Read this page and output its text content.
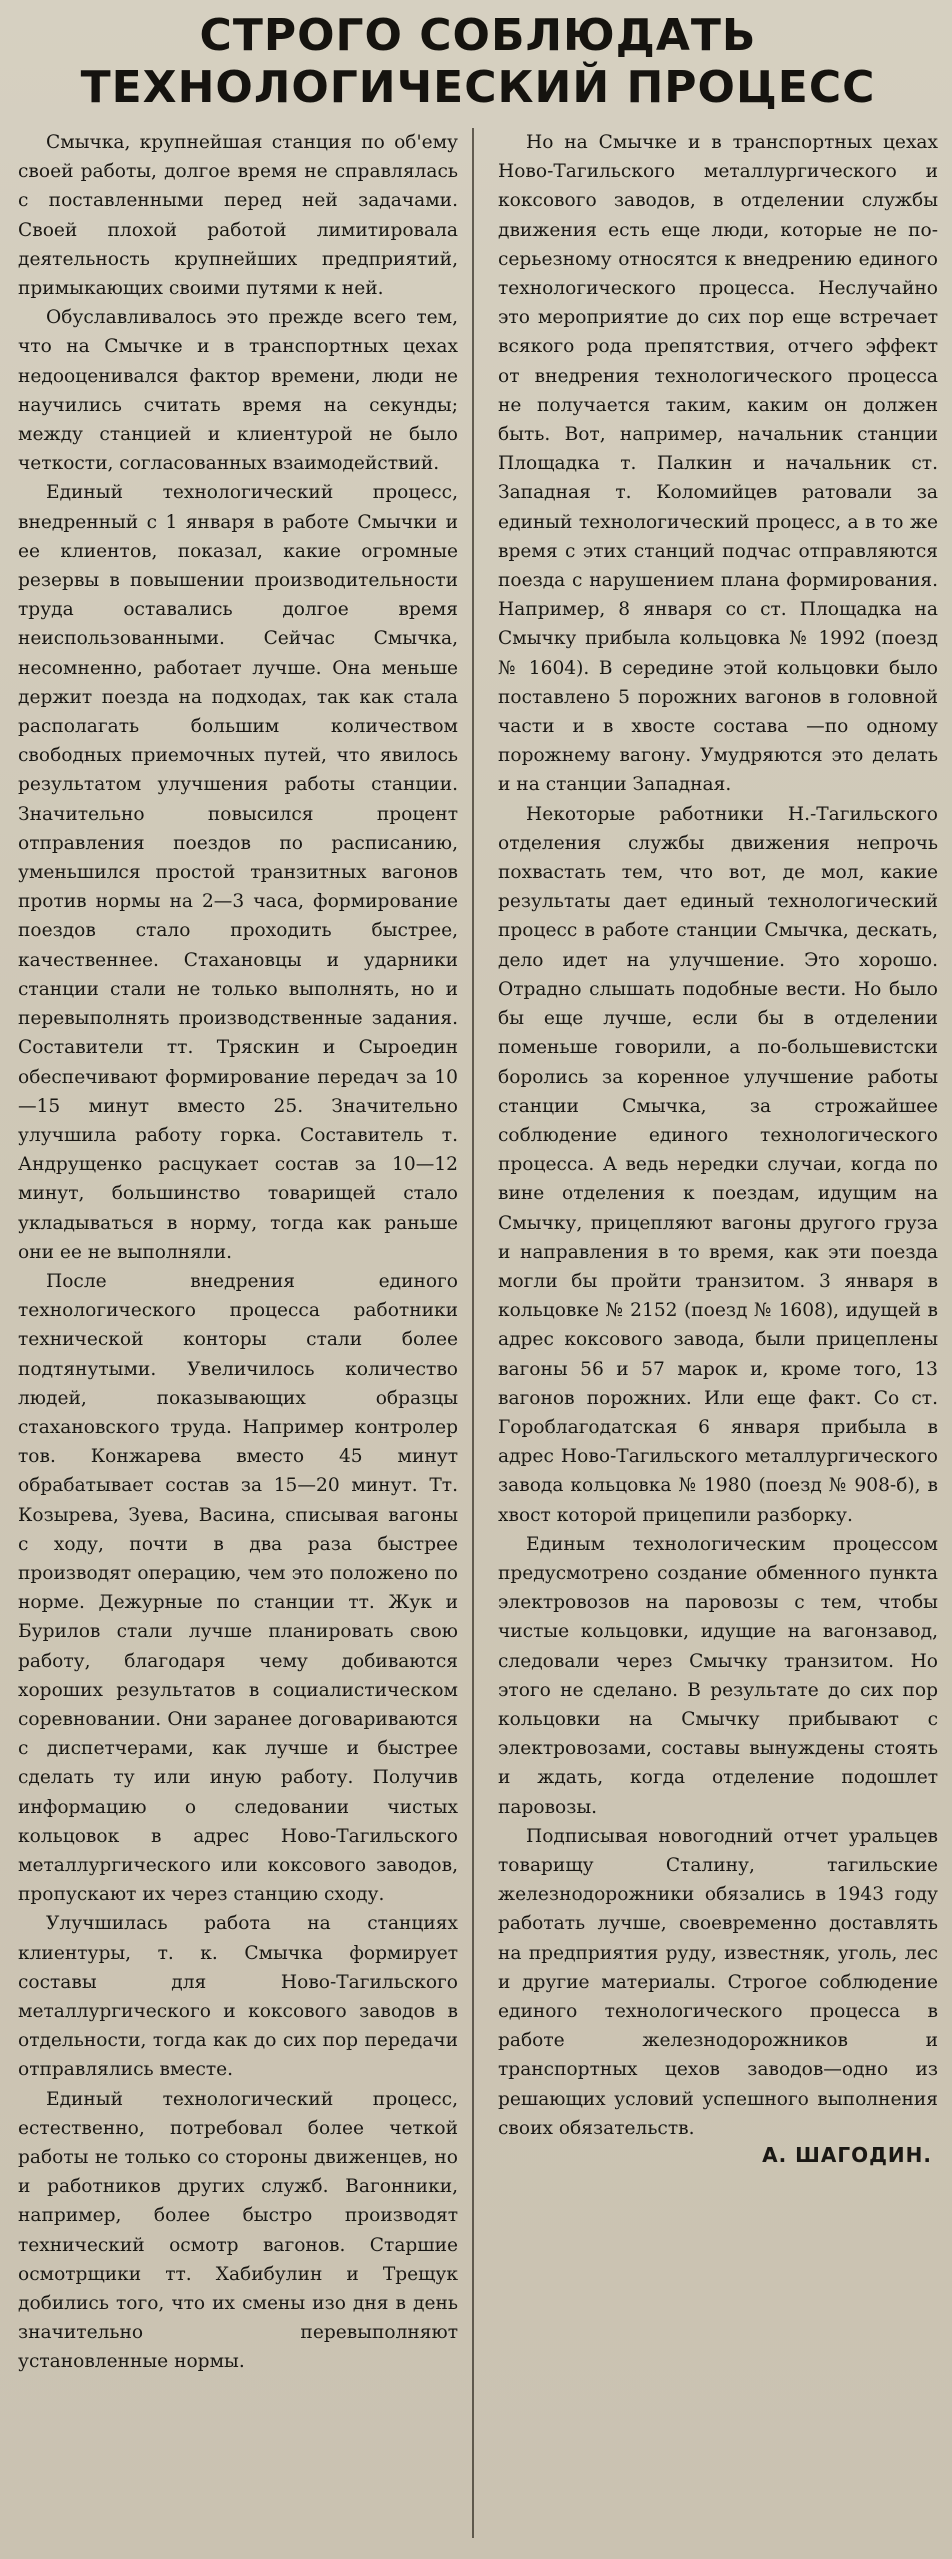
СТРОГО СОБЛЮДАТЬ
ТЕХНОЛОГИЧЕСКИЙ ПРОЦЕСС

Смычка, крупнейшая станция по об'ему своей работы, долгое время не справлялась с поставленными перед ней задачами. Своей плохой работой лимитировала деятельность крупнейших предприятий, примыкающих своими путями к ней.

Обуславливалось это прежде всего тем, что на Смычке и в транспортных цехах недооценивался фактор времени, люди не научились считать время на секунды; между станцией и клиентурой не было четкости, согласованных взаимодействий.

Единый технологический процесс, внедренный с 1 января в работе Смычки и ее клиентов, показал, какие огромные резервы в повышении производительности труда оставались долгое время неиспользованными. Сейчас Смычка, несомненно, работает лучше. Она меньше держит поезда на подходах, так как стала располагать большим количеством свободных приемочных путей, что явилось результатом улучшения работы станции. Значительно повысился процент отправления поездов по расписанию, уменьшился простой транзитных вагонов против нормы на 2—3 часа, формирование поездов стало проходить быстрее, качественнее. Стахановцы и ударники станции стали не только выполнять, но и перевыполнять производственные задания. Составители тт. Тряскин и Сыроедин обеспечивают формирование передач за 10—15 минут вместо 25. Значительно улучшила работу горка. Составитель т. Андрущенко расцукает состав за 10—12 минут, большинство товарищей стало укладываться в норму, тогда как раньше они ее не выполняли.

После внедрения единого технологического процесса работники технической конторы стали более подтянутыми. Увеличилось количество людей, показывающих образцы стахановского труда. Например контролер тов. Конжарева вместо 45 минут обрабатывает состав за 15—20 минут. Тт. Козырева, Зуева, Васина, списывая вагоны с ходу, почти в два раза быстрее производят операцию, чем это положено по норме. Дежурные по станции тт. Жук и Бурилов стали лучше планировать свою работу, благодаря чему добиваются хороших результатов в социалистическом соревновании. Они заранее договариваются с диспетчерами, как лучше и быстрее сделать ту или иную работу. Получив информацию о следовании чистых кольцовок в адрес Ново-Тагильского металлургического или коксового заводов, пропускают их через станцию сходу.

Улучшилась работа на станциях клиентуры, т. к. Смычка формирует составы для Ново-Тагильского металлургического и коксового заводов в отдельности, тогда как до сих пор передачи отправлялись вместе.

Единый технологический процесс, естественно, потребовал более четкой работы не только со стороны движенцев, но и работников других служб. Вагонники, например, более быстро производят технический осмотр вагонов. Старшие осмотрщики тт. Хабибулин и Трещук добились того, что их смены изо дня в день значительно перевыполняют установленные нормы.

Но на Смычке и в транспортных цехах Ново-Тагильского металлургического и коксового заводов, в отделении службы движения есть еще люди, которые не по-серьезному относятся к внедрению единого технологического процесса. Неслучайно это мероприятие до сих пор еще встречает всякого рода препятствия, отчего эффект от внедрения технологического процесса не получается таким, каким он должен быть. Вот, например, начальник станции Площадка т. Палкин и начальник ст. Западная т. Коломийцев ратовали за единый технологический процесс, а в то же время с этих станций подчас отправляются поезда с нарушением плана формирования. Например, 8 января со ст. Площадка на Смычку прибыла кольцовка № 1992 (поезд № 1604). В середине этой кольцовки было поставлено 5 порожних вагонов в головной части и в хвосте состава —по одному порожнему вагону. Умудряются это делать и на станции Западная.

Некоторые работники Н.-Тагильского отделения службы движения непрочь похвастать тем, что вот, де мол, какие результаты дает единый технологический процесс в работе станции Смычка, дескать, дело идет на улучшение. Это хорошо. Отрадно слышать подобные вести. Но было бы еще лучше, если бы в отделении поменьше говорили, а по-большевистски боролись за коренное улучшение работы станции Смычка, за строжайшее соблюдение единого технологического процесса. А ведь нередки случаи, когда по вине отделения к поездам, идущим на Смычку, прицепляют вагоны другого груза и направления в то время, как эти поезда могли бы пройти транзитом. 3 января в кольцовке № 2152 (поезд № 1608), идущей в адрес коксового завода, были прицеплены вагоны 56 и 57 марок и, кроме того, 13 вагонов порожних. Или еще факт. Со ст. Гороблагодатская 6 января прибыла в адрес Ново-Тагильского металлургического завода кольцовка № 1980 (поезд № 908-б), в хвост которой прицепили разборку.

Единым технологическим процессом предусмотрено создание обменного пункта электровозов на паровозы с тем, чтобы чистые кольцовки, идущие на вагонзавод, следовали через Смычку транзитом. Но этого не сделано. В результате до сих пор кольцовки на Смычку прибывают с электровозами, составы вынуждены стоять и ждать, когда отделение подошлет паровозы.

Подписывая новогодний отчет уральцев товарищу Сталину, тагильские железнодорожники обязались в 1943 году работать лучше, своевременно доставлять на предприятия руду, известняк, уголь, лес и другие материалы. Строгое соблюдение единого технологического процесса в работе железнодорожников и транспортных цехов заводов—одно из решающих условий успешного выполнения своих обязательств.

А. ШАГОДИН.
